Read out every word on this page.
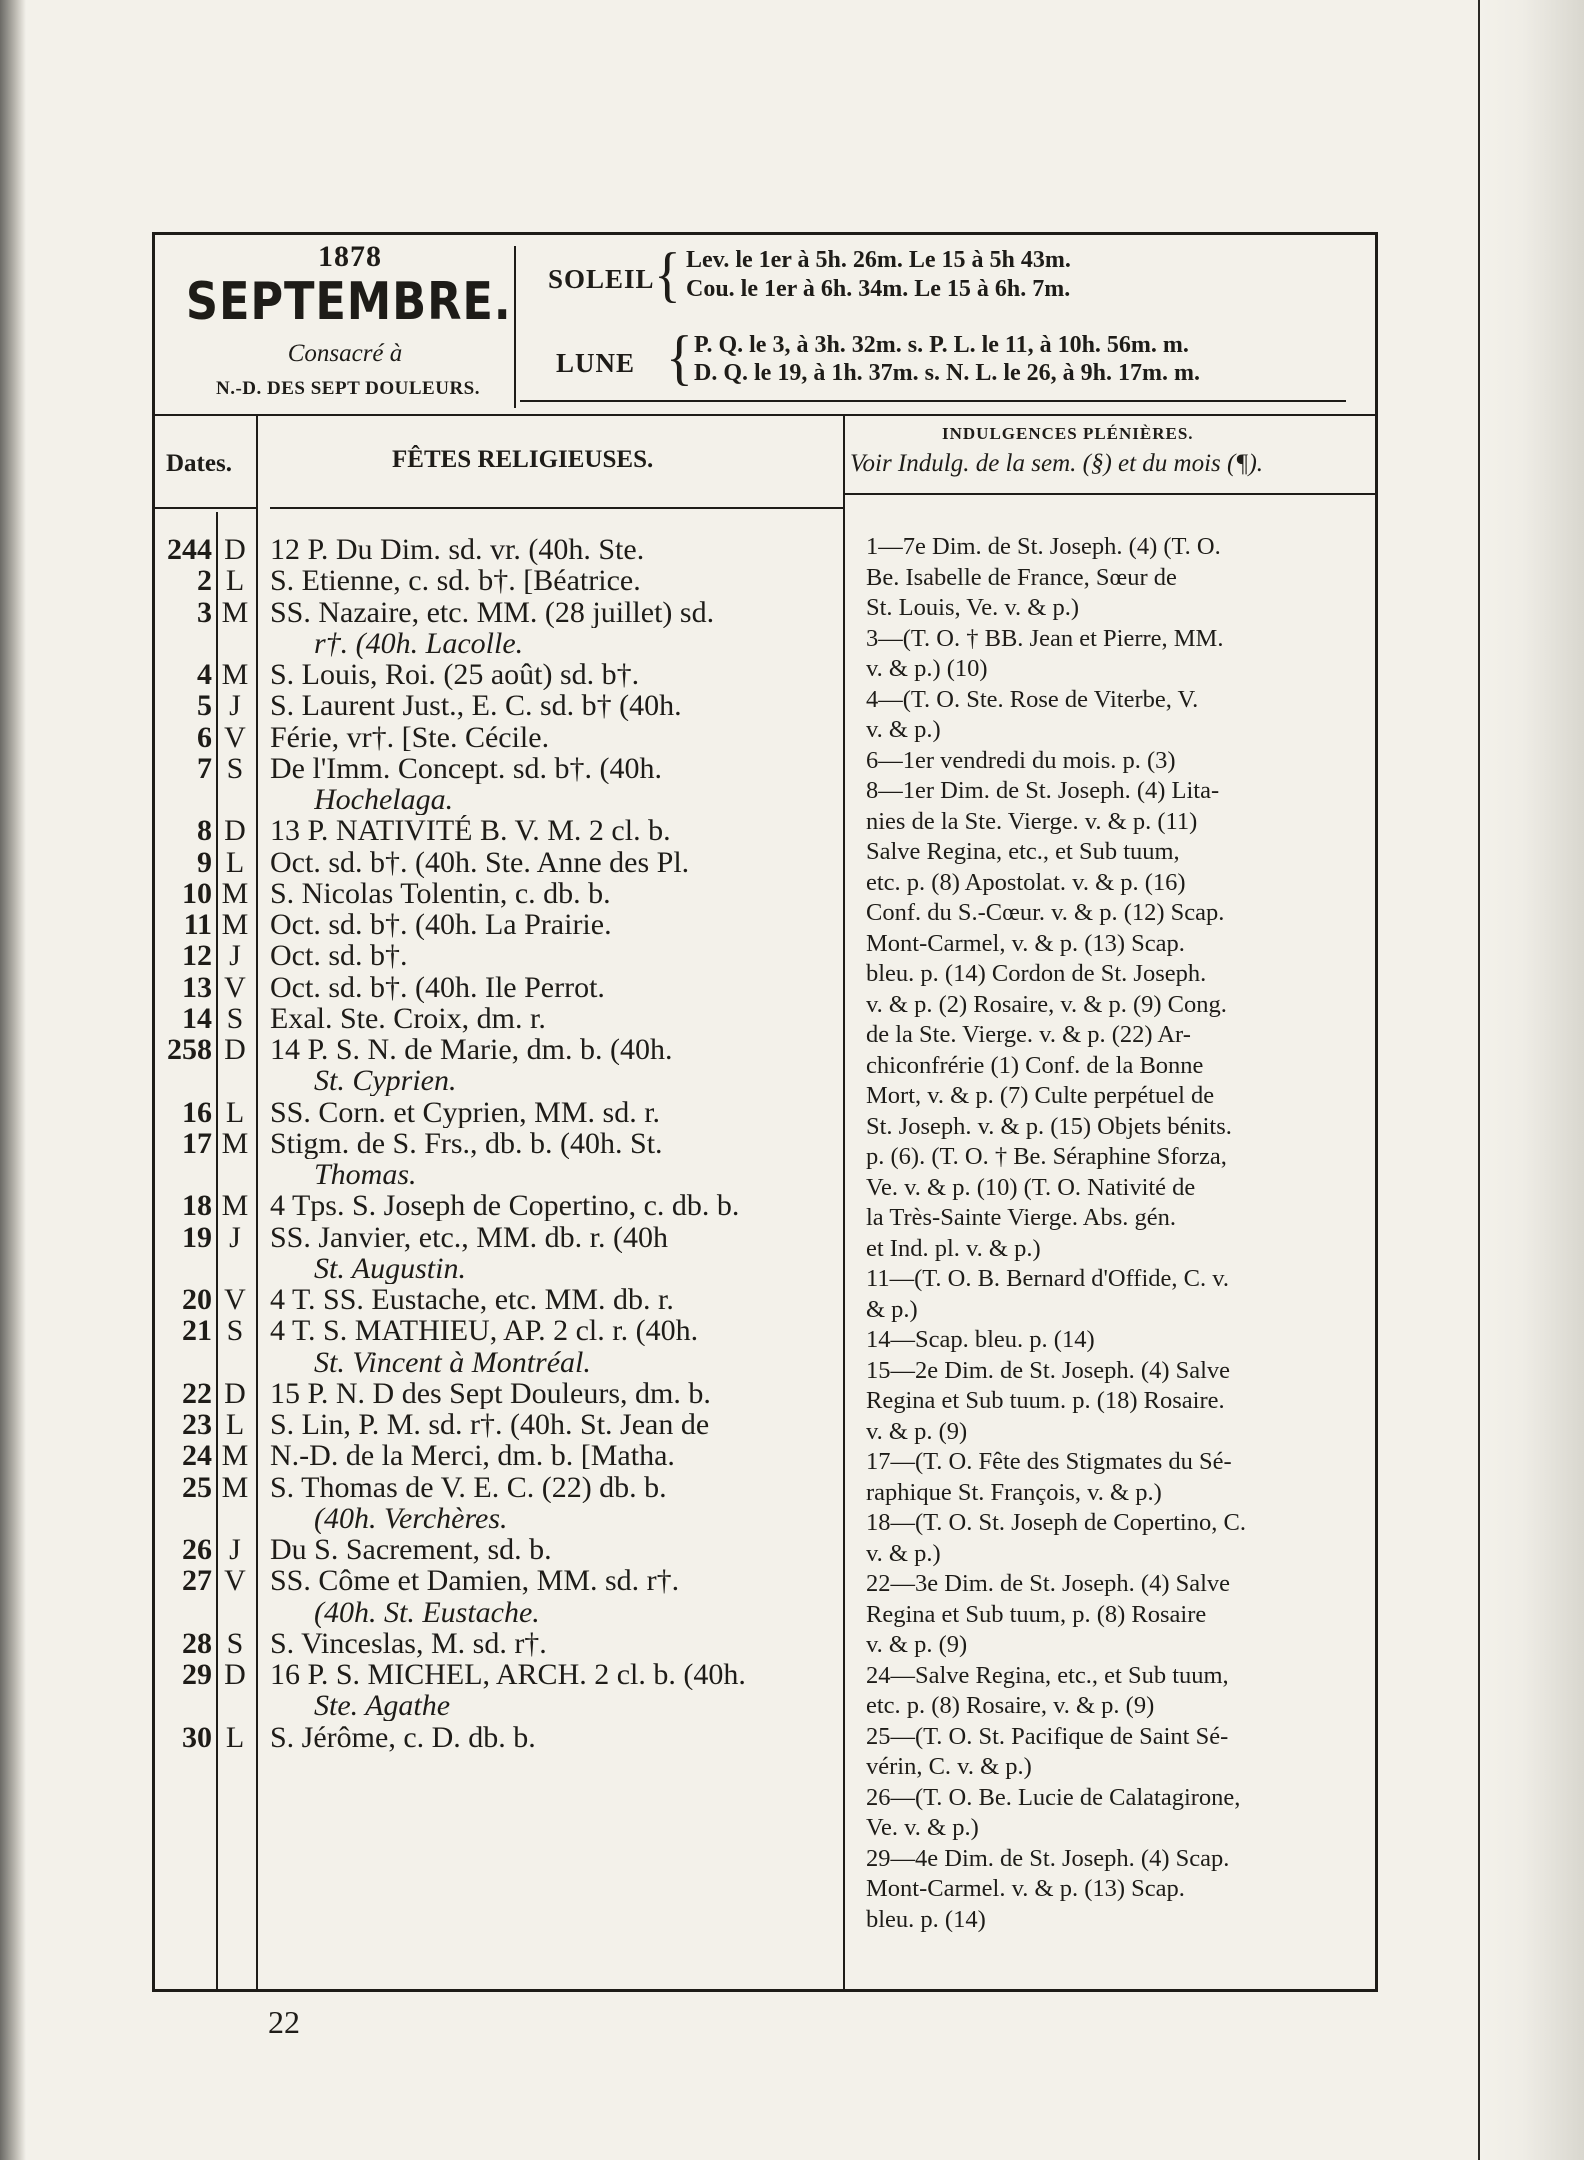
1878
SEPTEMBRE.
Consacré à
N.-D. DES SEPT DOULEURS.
SOLEIL { Lev. le 1er à 5h. 26m. Le 15 à 5h 43m.
Cou. le 1er à 6h. 34m. Le 15 à 6h. 7m.
LUNE { P. Q. le 3, à 3h. 32m. s. P. L. le 11, à 10h. 56m. m.
D. Q. le 19, à 1h. 37m. s. N. L. le 26, à 9h. 17m. m.
Dates.	FÊTES RELIGIEUSES.
INDULGENCES PLÉNIÈRES.
Voir Indulg. de la sem. (§) et du mois (¶).
244 D 12 P. Du Dim. sd. vr. (40h. Ste.
2 L S. Etienne, c. sd. b†. [Béatrice.
3 M SS. Nazaire, etc. MM. (28 juillet) sd.
r†. (40h. Lacolle.
4 M S. Louis, Roi. (25 août) sd. b†.
5 J S. Laurent Just., E. C. sd. b† (40h.
6 V Férie, vr†. [Ste. Cécile.
7 S De l'Imm. Concept. sd. b†. (40h.
Hochelaga.
8 D 13 P. NATIVITÉ B. V. M. 2 cl. b.
9 L Oct. sd. b†. (40h. Ste. Anne des Pl.
10 M S. Nicolas Tolentin, c. db. b.
11 M Oct. sd. b†. (40h. La Prairie.
12 J Oct. sd. b†.
13 V Oct. sd. b†. (40h. Ile Perrot.
14 S Exal. Ste. Croix, dm. r.
258 D 14 P. S. N. de Marie, dm. b. (40h.
St. Cyprien.
16 L SS. Corn. et Cyprien, MM. sd. r.
17 M Stigm. de S. Frs., db. b. (40h. St.
Thomas.
18 M 4 Tps. S. Joseph de Copertino, c. db. b.
19 J SS. Janvier, etc., MM. db. r. (40h
St. Augustin.
20 V 4 T. SS. Eustache, etc. MM. db. r.
21 S 4 T. S. MATHIEU, AP. 2 cl. r. (40h.
St. Vincent à Montréal.
22 D 15 P. N. D des Sept Douleurs, dm. b.
23 L S. Lin, P. M. sd. r†. (40h. St. Jean de
24 M N.-D. de la Merci, dm. b. [Matha.
25 M S. Thomas de V. E. C. (22) db. b.
(40h. Verchères.
26 J Du S. Sacrement, sd. b.
27 V SS. Côme et Damien, MM. sd. r†.
(40h. St. Eustache.
28 S S. Vinceslas, M. sd. r†.
29 D 16 P. S. MICHEL, ARCH. 2 cl. b. (40h.
Ste. Agathe
30 L S. Jérôme, c. D. db. b.
1—7e Dim. de St. Joseph. (4) (T. O.
Be. Isabelle de France, Sœur de
St. Louis, Ve. v. & p.)
3—(T. O. † BB. Jean et Pierre, MM.
v. & p.) (10)
4—(T. O. Ste. Rose de Viterbe, V.
v. & p.)
6—1er vendredi du mois. p. (3)
8—1er Dim. de St. Joseph. (4) Lita-
nies de la Ste. Vierge. v. & p. (11)
Salve Regina, etc., et Sub tuum,
etc. p. (8) Apostolat. v. & p. (16)
Conf. du S.-Cœur. v. & p. (12) Scap.
Mont-Carmel, v. & p. (13) Scap.
bleu. p. (14) Cordon de St. Joseph.
v. & p. (2) Rosaire, v. & p. (9) Cong.
de la Ste. Vierge. v. & p. (22) Ar-
chiconfrérie (1) Conf. de la Bonne
Mort, v. & p. (7) Culte perpétuel de
St. Joseph. v. & p. (15) Objets bénits.
p. (6). (T. O. † Be. Séraphine Sforza,
Ve. v. & p. (10) (T. O. Nativité de
la Très-Sainte Vierge. Abs. gén.
et Ind. pl. v. & p.)
11—(T. O. B. Bernard d'Offide, C. v.
& p.)
14—Scap. bleu. p. (14)
15—2e Dim. de St. Joseph. (4) Salve
Regina et Sub tuum. p. (18) Rosaire.
v. & p. (9)
17—(T. O. Fête des Stigmates du Sé-
raphique St. François, v. & p.)
18—(T. O. St. Joseph de Copertino, C.
v. & p.)
22—3e Dim. de St. Joseph. (4) Salve
Regina et Sub tuum, p. (8) Rosaire
v. & p. (9)
24—Salve Regina, etc., et Sub tuum,
etc. p. (8) Rosaire, v. & p. (9)
25—(T. O. St. Pacifique de Saint Sé-
vérin, C. v. & p.)
26—(T. O. Be. Lucie de Calatagirone,
Ve. v. & p.)
29—4e Dim. de St. Joseph. (4) Scap.
Mont-Carmel. v. & p. (13) Scap.
bleu. p. (14)
22
